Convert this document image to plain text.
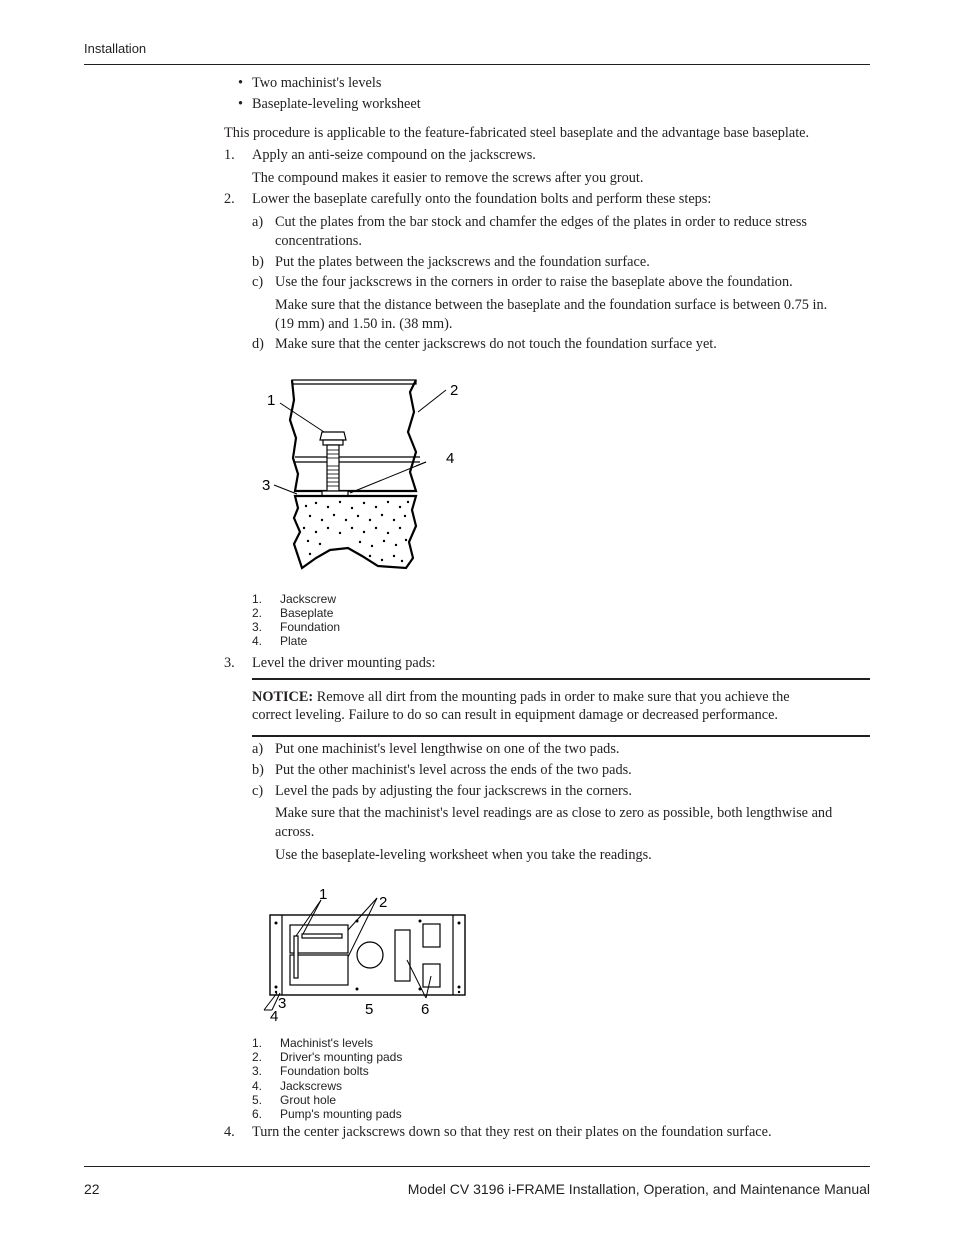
Installation
• Two machinist's levels
• Baseplate-leveling worksheet
This procedure is applicable to the feature-fabricated steel baseplate and the advantage base baseplate.
1. Apply an anti-seize compound on the jackscrews.
The compound makes it easier to remove the screws after you grout.
2. Lower the baseplate carefully onto the foundation bolts and perform these steps:
a) Cut the plates from the bar stock and chamfer the edges of the plates in order to reduce stress
concentrations.
b) Put the plates between the jackscrews and the foundation surface.
c) Use the four jackscrews in the corners in order to raise the baseplate above the foundation.
Make sure that the distance between the baseplate and the foundation surface is between 0.75 in.
(19 mm) and 1.50 in. (38 mm).
d) Make sure that the center jackscrews do not touch the foundation surface yet.
1
2
3
4
1. Jackscrew
2. Baseplate
3. Foundation
4. Plate
3. Level the driver mounting pads:
NOTICE: Remove all dirt from the mounting pads in order to make sure that you achieve the
correct leveling. Failure to do so can result in equipment damage or decreased performance.
a) Put one machinist's level lengthwise on one of the two pads.
b) Put the other machinist's level across the ends of the two pads.
c) Level the pads by adjusting the four jackscrews in the corners.
Make sure that the machinist's level readings are as close to zero as possible, both lengthwise and
across.
Use the baseplate-leveling worksheet when you take the readings.
1	2
3
4	5	6
1. Machinist's levels
2. Driver's mounting pads
3. Foundation bolts
4. Jackscrews
5. Grout hole
6. Pump's mounting pads
4. Turn the center jackscrews down so that they rest on their plates on the foundation surface.
22	Model CV 3196 i-FRAME Installation, Operation, and Maintenance Manual
